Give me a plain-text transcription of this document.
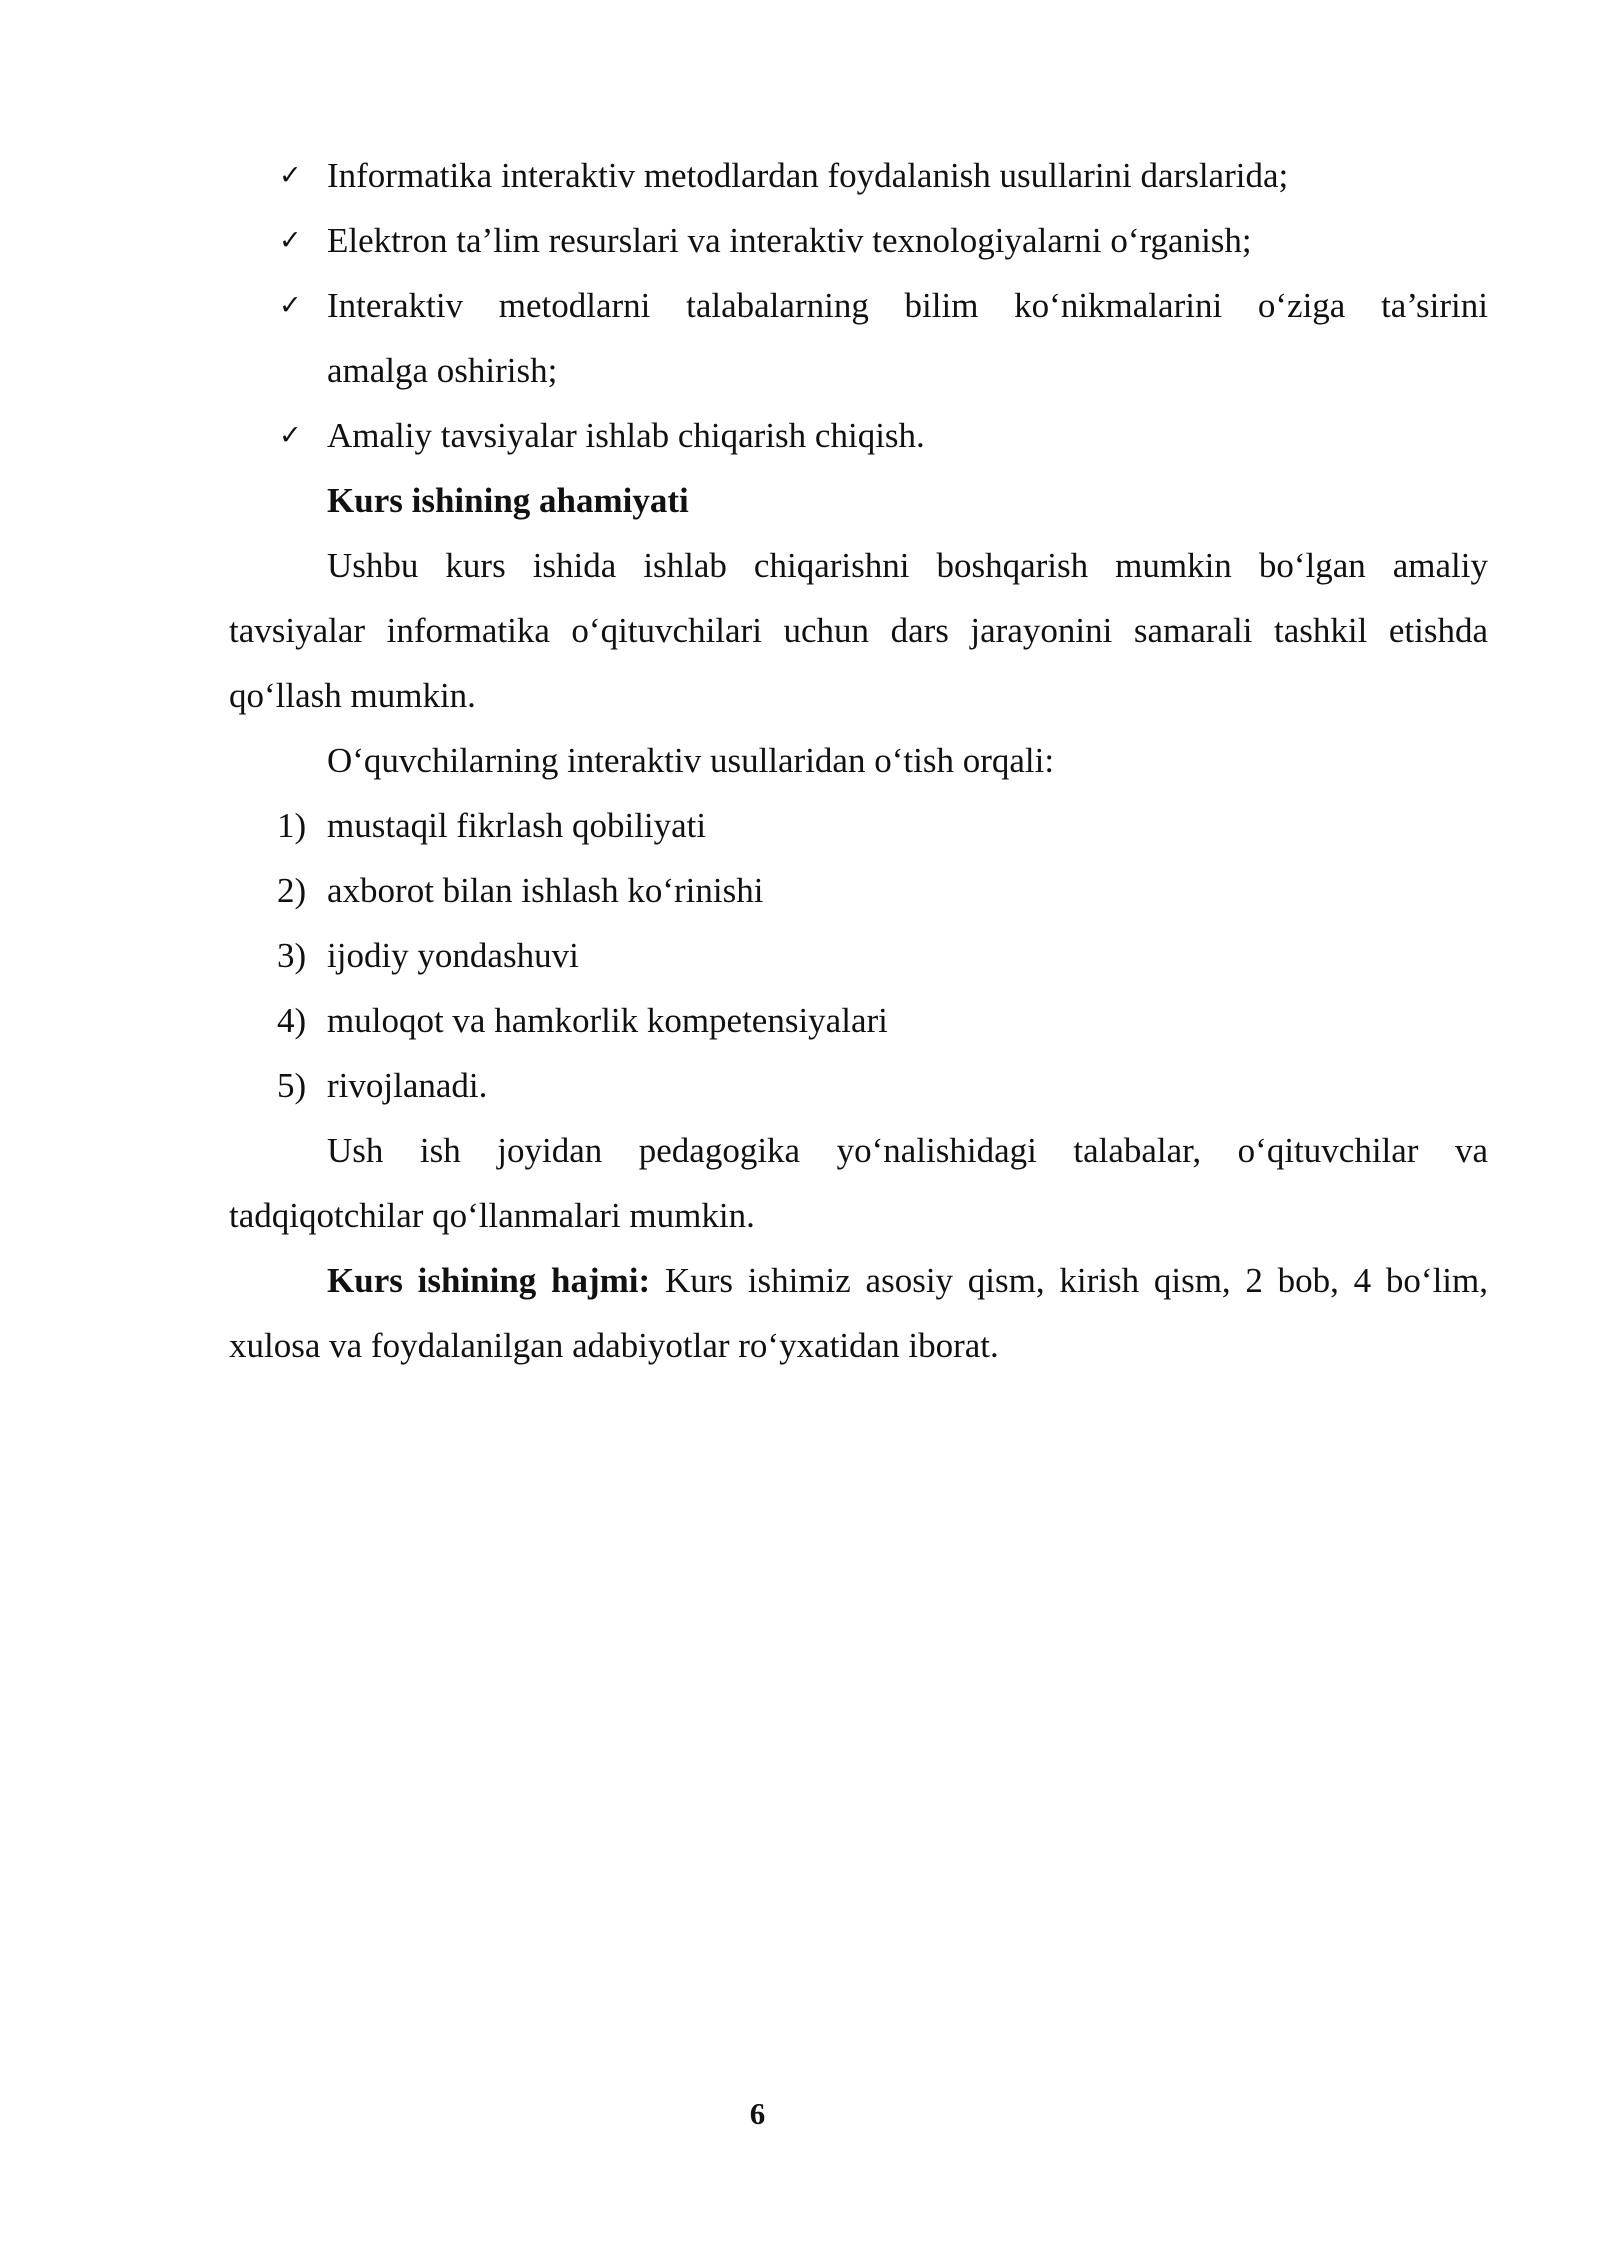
✓ Informatika interaktiv metodlardan foydalanish usullarini darslarida;
✓ Elektron ta’lim resurslari va interaktiv texnologiyalarni o‘rganish;
✓ Interaktiv metodlarni talabalarning bilim ko‘nikmalarini o‘ziga ta’sirini
amalga oshirish;
✓ Amaliy tavsiyalar ishlab chiqarish chiqish.
Kurs ishining ahamiyati
Ushbu kurs ishida ishlab chiqarishni boshqarish mumkin bo‘lgan amaliy
tavsiyalar informatika o‘qituvchilari uchun dars jarayonini samarali tashkil etishda
qo‘llash mumkin.
O‘quvchilarning interaktiv usullaridan o‘tish orqali:
1) mustaqil fikrlash qobiliyati
2) axborot bilan ishlash ko‘rinishi
3) ijodiy yondashuvi
4) muloqot va hamkorlik kompetensiyalari
5) rivojlanadi.
Ush ish joyidan pedagogika yo‘nalishidagi talabalar, o‘qituvchilar va
tadqiqotchilar qo‘llanmalari mumkin.
Kurs ishining hajmi: Kurs ishimiz asosiy qism, kirish qism, 2 bob, 4 bo‘lim,
xulosa va foydalanilgan adabiyotlar ro‘yxatidan iborat.
6
